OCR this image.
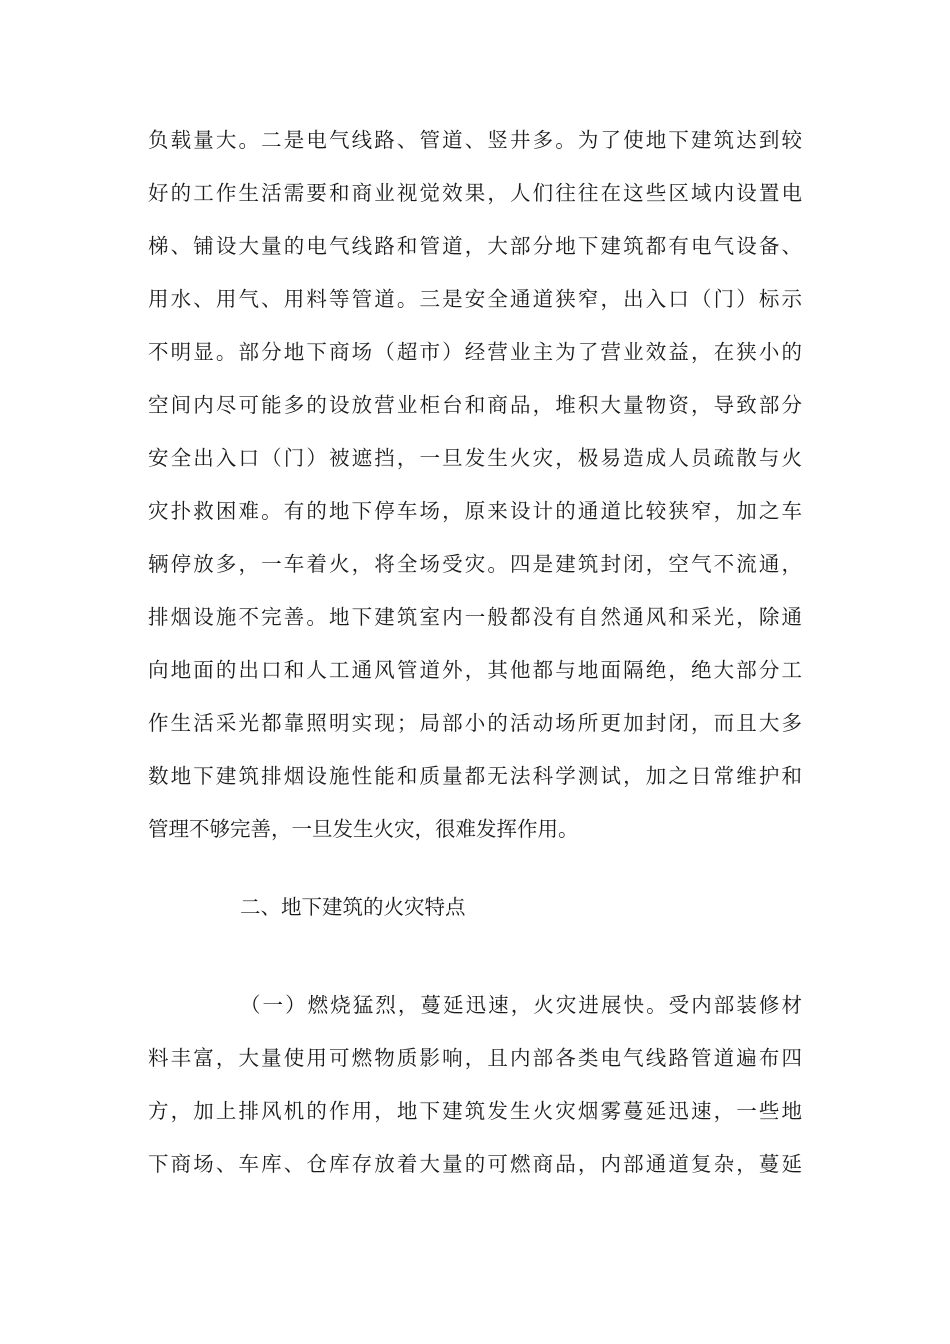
负载量大。二是电气线路、管道、竖井多。为了使地下建筑达到较
好的工作生活需要和商业视觉效果，人们往往在这些区域内设置电
梯、铺设大量的电气线路和管道，大部分地下建筑都有电气设备、
用水、用气、用料等管道。三是安全通道狭窄，出入口（门）标示
不明显。部分地下商场（超市）经营业主为了营业效益，在狭小的
空间内尽可能多的设放营业柜台和商品，堆积大量物资，导致部分
安全出入口（门）被遮挡，一旦发生火灾，极易造成人员疏散与火
灾扑救困难。有的地下停车场，原来设计的通道比较狭窄，加之车
辆停放多，一车着火，将全场受灾。四是建筑封闭，空气不流通，
排烟设施不完善。地下建筑室内一般都没有自然通风和采光，除通
向地面的出口和人工通风管道外，其他都与地面隔绝，绝大部分工
作生活采光都靠照明实现；局部小的活动场所更加封闭，而且大多
数地下建筑排烟设施性能和质量都无法科学测试，加之日常维护和
管理不够完善，一旦发生火灾，很难发挥作用。
二、地下建筑的火灾特点
（一）燃烧猛烈，蔓延迅速，火灾进展快。受内部装修材
料丰富，大量使用可燃物质影响，且内部各类电气线路管道遍布四
方，加上排风机的作用，地下建筑发生火灾烟雾蔓延迅速，一些地
下商场、车库、仓库存放着大量的可燃商品，内部通道复杂，蔓延
